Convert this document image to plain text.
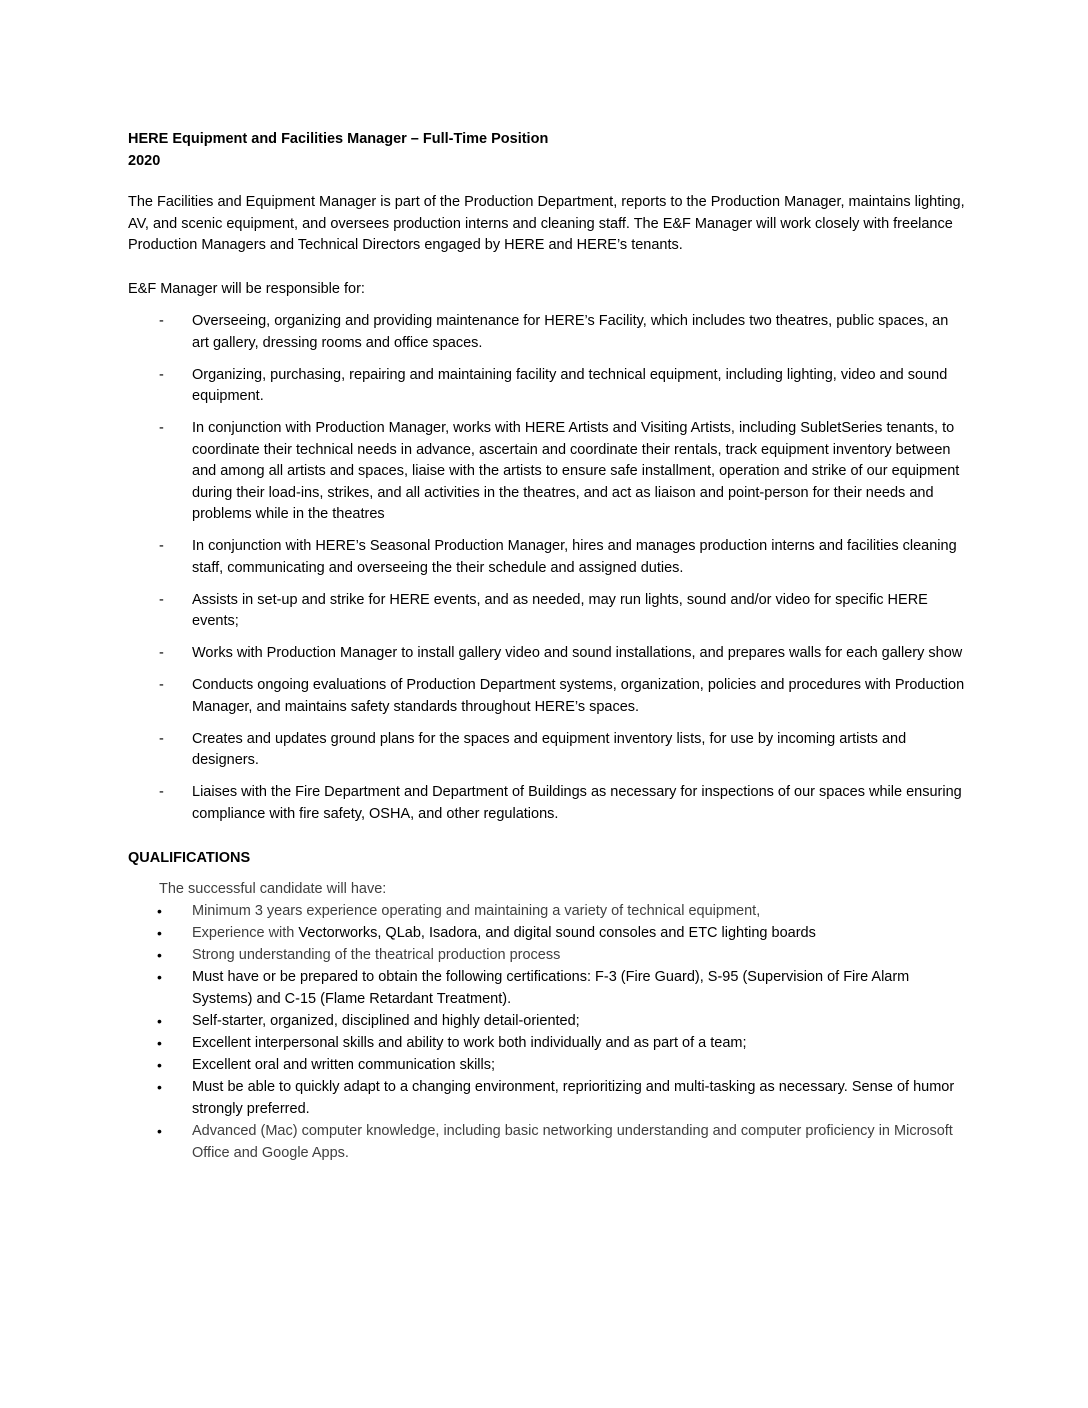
HERE Equipment and Facilities Manager – Full-Time Position
2020

The Facilities and Equipment Manager is part of the Production Department, reports to the Production Manager, maintains lighting, AV, and scenic equipment, and oversees production interns and cleaning staff. The E&F Manager will work closely with freelance Production Managers and Technical Directors engaged by HERE and HERE’s tenants.

E&F Manager will be responsible for:

- Overseeing, organizing and providing maintenance for HERE’s Facility, which includes two theatres, public spaces, an art gallery, dressing rooms and office spaces.
- Organizing, purchasing, repairing and maintaining facility and technical equipment, including lighting, video and sound equipment.
- In conjunction with Production Manager, works with HERE Artists and Visiting Artists, including SubletSeries tenants, to coordinate their technical needs in advance, ascertain and coordinate their rentals, track equipment inventory between and among all artists and spaces, liaise with the artists to ensure safe installment, operation and strike of our equipment during their load-ins, strikes, and all activities in the theatres, and act as liaison and point-person for their needs and problems while in the theatres
- In conjunction with HERE’s Seasonal Production Manager, hires and manages production interns and facilities cleaning staff, communicating and overseeing the their schedule and assigned duties.
- Assists in set-up and strike for HERE events, and as needed, may run lights, sound and/or video for specific HERE events;
- Works with Production Manager to install gallery video and sound installations, and prepares walls for each gallery show
- Conducts ongoing evaluations of Production Department systems, organization, policies and procedures with Production Manager, and maintains safety standards throughout HERE’s spaces.
- Creates and updates ground plans for the spaces and equipment inventory lists, for use by incoming artists and designers.
- Liaises with the Fire Department and Department of Buildings as necessary for inspections of our spaces while ensuring compliance with fire safety, OSHA, and other regulations.

QUALIFICATIONS

The successful candidate will have:

• Minimum 3 years experience operating and maintaining a variety of technical equipment,
• Experience with Vectorworks, QLab, Isadora, and digital sound consoles and ETC lighting boards
• Strong understanding of the theatrical production process
• Must have or be prepared to obtain the following certifications: F-3 (Fire Guard), S-95 (Supervision of Fire Alarm Systems) and C-15 (Flame Retardant Treatment).
• Self-starter, organized, disciplined and highly detail-oriented;
• Excellent interpersonal skills and ability to work both individually and as part of a team;
• Excellent oral and written communication skills;
• Must be able to quickly adapt to a changing environment, reprioritizing and multi-tasking as necessary. Sense of humor strongly preferred.
• Advanced (Mac) computer knowledge, including basic networking understanding and computer proficiency in Microsoft Office and Google Apps.
